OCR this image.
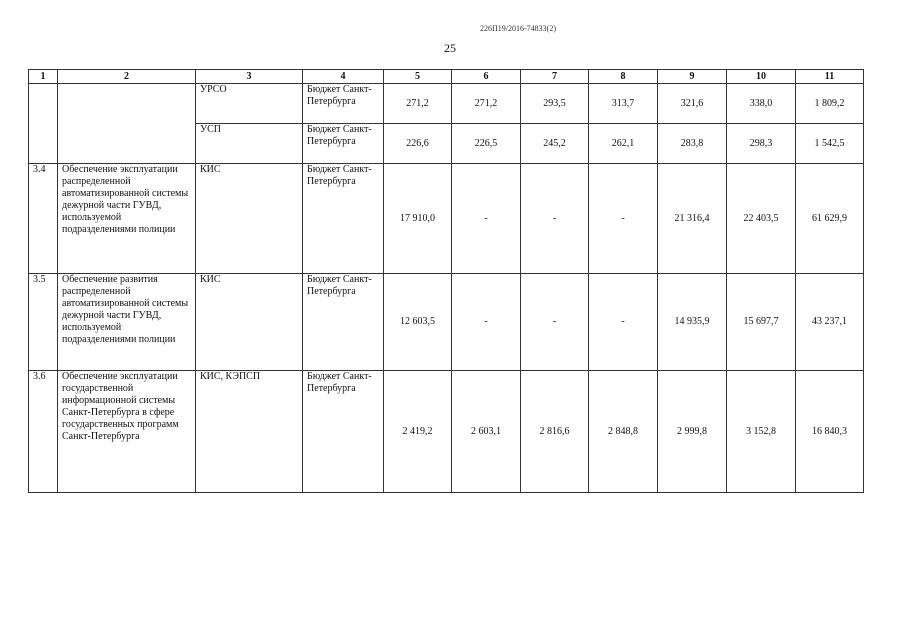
226П19/2016-74833(2)
25
1	2	3	4	5	6	7	8	9	10	11
		УРСО	Бюджет Санкт-Петербурга	271,2	271,2	293,5	313,7	321,6	338,0	1 809,2
		УСП	Бюджет Санкт-Петербурга	226,6	226,5	245,2	262,1	283,8	298,3	1 542,5
3.4	Обеспечение эксплуатации распределенной автоматизированной системы дежурной части ГУВД, используемой подразделениями полиции	КИС	Бюджет Санкт-Петербурга	17 910,0	-	-	-	21 316,4	22 403,5	61 629,9
3.5	Обеспечение развития распределенной автоматизированной системы дежурной части ГУВД, используемой подразделениями полиции	КИС	Бюджет Санкт-Петербурга	12 603,5	-	-	-	14 935,9	15 697,7	43 237,1
3.6	Обеспечение эксплуатации государственной информационной системы Санкт-Петербурга в сфере государственных программ Санкт-Петербурга	КИС, КЭПСП	Бюджет Санкт-Петербурга	2 419,2	2 603,1	2 816,6	2 848,8	2 999,8	3 152,8	16 840,3
